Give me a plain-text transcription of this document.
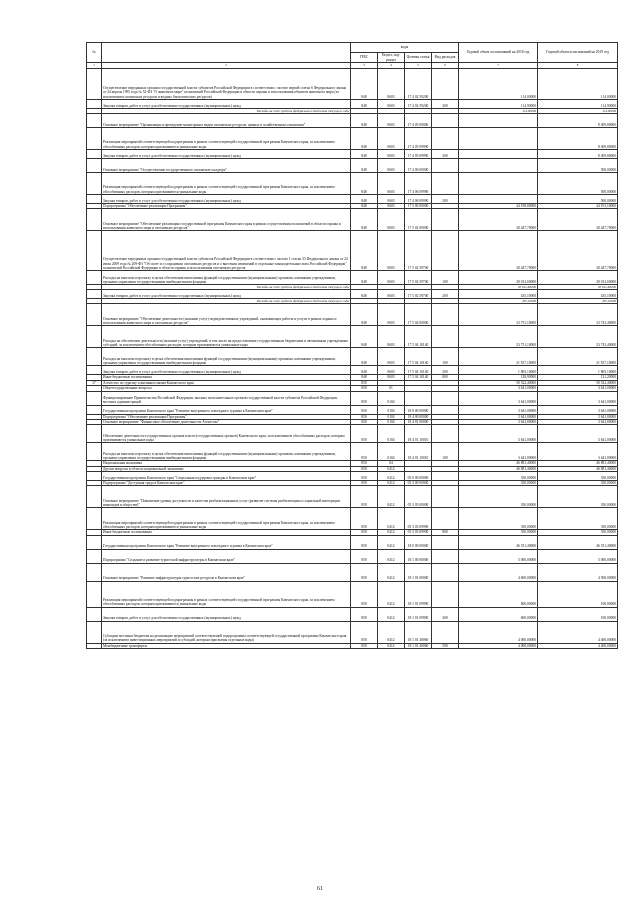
№		коды				Годовой объем ассигнований на 2018 год	Годовой объем ассигнований на 2019 год
		ГРБС	Раздел, под-раздел	Целевая статья	Вид расходов		
1	2	3	4	5	6	7	8
	Осуществление переданных органам государственной власти субъектов Российской Федерации в соответствии с частью первой статьи 6 Федерального закона от 24 апреля 1995 года № 52-ФЗ "О животном мире" полномочий Российской Федерации в области охраны и использования объектов животного мира (за исключением охотничьих ресурсов и водных биологических ресурсов)	848	0603	17 4 02 59200		114,00000	114,00000
	Закупка товаров, работ и услуг для обеспечения государственных (муниципальных) нужд	848	0603	17 4 02 59200	200	114,90000	114,90000
	Расходы за счет средств федерального бюджета текущего года					114,90000	114,90000
	Основное мероприятие "Организация и проведение мониторинга видов охотничьих ресурсов, ценных в хозяйственном отношении"	848	0603	17 4 05 00000			8 409,80000
	Реализация мероприятий соответствующей подпрограммы в рамках соответствующей государственной программы Камчатского края, за исключением обособленных расходов, которым присваиваются уникальные коды	848	0603	17 4 05 09990			8 409,80000
	Закупка товаров, работ и услуг для обеспечения государственных (муниципальных) нужд	848	0603	17 4 05 09990	200		8 409,80000
	Основное мероприятие "Осуществление государственного охотничьего надзора"	848	0603	17 4 06 00000			500,00000
	Реализация мероприятий соответствующей подпрограммы в рамках соответствующей государственной программы Камчатского края, за исключением обособленных расходов, которым присваиваются уникальные коды	848	0603	17 4 06 09990			500,00000
	Закупка товаров, работ и услуг для обеспечения государственных (муниципальных) нужд	848	0603	17 4 06 09990	200		500,00000
	Подпрограмма "Обеспечение реализации Программы"	848	0603	17 5 00 00000		44 198,80000	44 191,10000
	Основное мероприятие "Обеспечение реализации государственной программы Камчатского края в рамках осуществления полномочий в области охраны и использования животного мира и охотничьих ресурсов"	848	0603	17 5 02 00000		20 447,70000	20 447,70000
	Осуществление переданных органам государственной власти субъектов Российской Федерации в соответствии с частью 1 статьи 33 Федерального закона от 24 июля 2009 года № 209-ФЗ "Об охоте и о сохранении охотничьих ресурсов и о внесении изменений в отдельные законодательные акты Российской Федерации" полномочий Российской Федерации в области охраны и использования охотничьих ресурсов	848	0603	17 5 02 59700		20 447,70000	20 447,70000
	Расходы на выплаты персоналу в целях обеспечения выполнения функций государственными (муниципальными) органами, казенными учреждениями, органами управления государственными внебюджетными фондами	848	0603	17 5 02 59700	100	20 012,60000	20 012,60000
	Расходы за счет средств федерального бюджета текущего года					20 012,60000	20 012,60000
	Закупка товаров, работ и услуг для обеспечения государственных (муниципальных) нужд	848	0603	17 5 02 59700	200	435,10000	435,10000
	Расходы за счет средств федерального бюджета текущего года					435,10000	435,10000
	Основное мероприятие "Обеспечение деятельности (оказание услуг) подведомственных учреждений, оказывающих работы и услуги в рамках охраны и использования животного мира и охотничьих ресурсов"	848	0603	17 5 04 00000		23 751,10000	23 743,40000
	Расходы на обеспечение деятельности (оказание услуг) учреждений, в том числе на предоставление государственным бюджетным и автономным учреждениям субсидий, за исключением обособленных расходов, которым присваиваются уникальные коды	848	0603	17 5 04 10140		23 751,10000	23 743,40000
	Расходы на выплаты персоналу в целях обеспечения выполнения функций государственными (муниципальными) органами, казенными учреждениями, органами управления государственными внебюджетными фондами	848	0603	17 5 04 10140	100	21 817,10000	21 817,10000
	Закупка товаров, работ и услуг для обеспечения государственных (муниципальных) нужд	848	0603	17 5 04 10140	200	1 805,10000	1 805,10000
	Иные бюджетные ассигнования	848	0603	17 5 04 10140	800	128,90000	121,20000
37	Агентство по туризму и внешним связям Камчатского края	850				50 522,40000	50 522,40000
	Общегосударственные вопросы	850	01			3 641,00000	3 641,00000
	Функционирование Правительства Российской Федерации, высших исполнительных органов государственной власти субъектов Российской Федерации, местных администраций	850	0104			3 641,00000	3 641,00000
	Государственная программа Камчатского края "Развитие внутреннего и въездного туризма в Камчатском крае"	850	0104	18 0 00 00000		3 641,00000	3 641,00000
	Подпрограмма "Обеспечение реализации Программы"	850	0104	18 4 00 00000		3 641,00000	3 641,00000
	Основное мероприятие "Финансовое обеспечение деятельности Агентства"	850	0104	18 4 01 00000		3 641,00000	3 641,00000
	Обеспечение деятельности государственных органов власти (государственных органов) Камчатского края, за исключением обособленных расходов, которым присваиваются уникальные коды	850	0104	18 4 01 10010		3 641,00000	3 641,00000
	Расходы на выплаты персоналу в целях обеспечения выполнения функций государственными (муниципальными) органами, казенными учреждениями, органами управления государственными внебюджетными фондами	850	0104	18 4 01 10010	100	3 641,00000	3 641,00000
	Национальная экономика	850	04			46 881,40000	46 881,40000
	Другие вопросы в области национальной экономики	850	0412			46 881,40000	46 881,40000
	Государственная программа Камчатского края "Социальная поддержка граждан в Камчатском крае"	850	0412	05 0 00 00000		350,00000	350,00000
	Подпрограмма "Доступная среда в Камчатском крае"	850	0412	05 3 00 00000		350,00000	350,00000
	Основное мероприятие "Повышение уровня доступности и качества реабилитационных услуг (развитие системы реабилитации и социальной интеграции инвалидов в обществе)"	850	0412	05 3 03 00000		350,00000	350,00000
	Реализация мероприятий соответствующей подпрограммы в рамках соответствующей государственной программы Камчатского края, за исключением обособленных расходов, которым присваиваются уникальные коды	850	0412	05 3 03 09990		350,00000	350,00000
	Иные бюджетные ассигнования	850	0412	05 3 03 09990	800	350,00000	350,00000
	Государственная программа Камчатского края "Развитие внутреннего и въездного туризма в Камчатском крае"	850	0412	18 0 00 00000		46 531,40000	46 531,40000
	Подпрограмма "Создание и развитие туристской инфраструктуры в Камчатском крае"	850	0412	18 1 00 00000		5 000,00000	5 000,00000
	Основное мероприятие "Развитие инфраструктуры туристских ресурсов в Камчатском крае"	850	0412	18 1 01 00000		4 600,00000	4 500,00000
	Реализация мероприятий соответствующей подпрограммы в рамках соответствующей государственной программы Камчатского края, за исключением обособленных расходов, которым присваиваются уникальные коды	850	0412	18 1 01 09990		600,00000	100,00000
	Закупка товаров, работ и услуг для обеспечения государственных (муниципальных) нужд	850	0412	18 1 01 09990	200	600,00000	100,00000
	Субсидии местным бюджетам на реализацию мероприятий соответствующей подпрограммы соответствующей государственной программы Камчатского края (за исключением инвестиционных мероприятий и субсидий, которым присвоены отдельные коды)	850	0412	18 1 01 40060		4 000,00000	4 400,00000
	Межбюджетные трансферты	850	0412	18 1 01 40060	500	4 000,00000	4 400,00000
61
